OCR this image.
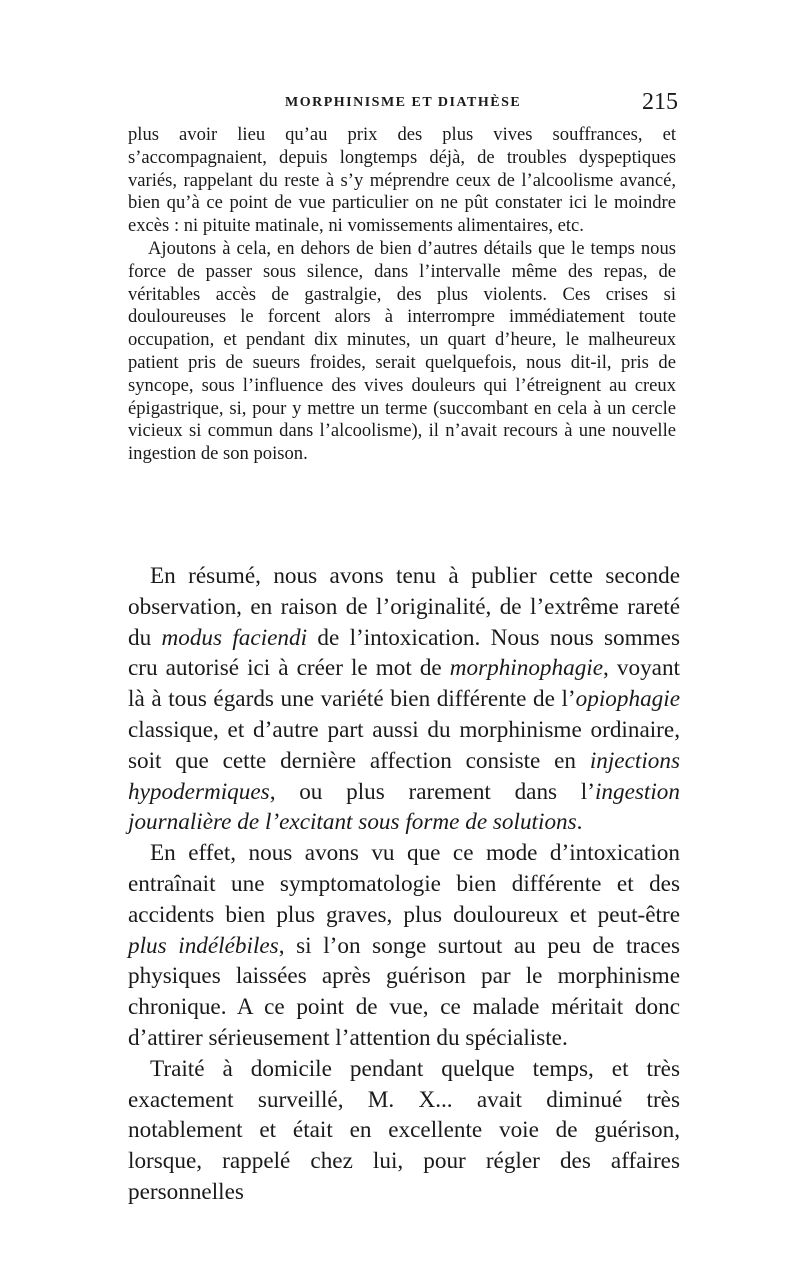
MORPHINISME ET DIATHÈSE	215

plus avoir lieu qu’au prix des plus vives souffrances, et s’accompagnaient, depuis longtemps déjà, de troubles dyspeptiques variés, rappelant du reste à s’y méprendre ceux de l’alcoolisme avancé, bien qu’à ce point de vue particulier on ne pût constater ici le moindre excès : ni pituite matinale, ni vomissements alimentaires, etc.

Ajoutons à cela, en dehors de bien d’autres détails que le temps nous force de passer sous silence, dans l’intervalle même des repas, de véritables accès de gastralgie, des plus violents. Ces crises si douloureuses le forcent alors à interrompre immédiatement toute occupation, et pendant dix minutes, un quart d’heure, le malheureux patient pris de sueurs froides, serait quelquefois, nous dit-il, pris de syncope, sous l’influence des vives douleurs qui l’étreignent au creux épigastrique, si, pour y mettre un terme (succombant en cela à un cercle vicieux si commun dans l’alcoolisme), il n’avait recours à une nouvelle ingestion de son poison.

En résumé, nous avons tenu à publier cette seconde observation, en raison de l’originalité, de l’extrême rareté du modus faciendi de l’intoxication. Nous nous sommes cru autorisé ici à créer le mot de morphinophagie, voyant là à tous égards une variété bien différente de l’opiophagie classique, et d’autre part aussi du morphinisme ordinaire, soit que cette dernière affection consiste en injections hypodermiques, ou plus rarement dans l’ingestion journalière de l’excitant sous forme de solutions.

En effet, nous avons vu que ce mode d’intoxication entraînait une symptomatologie bien différente et des accidents bien plus graves, plus douloureux et peut-être plus indélébiles, si l’on songe surtout au peu de traces physiques laissées après guérison par le morphinisme chronique. A ce point de vue, ce malade méritait donc d’attirer sérieusement l’attention du spécialiste.

Traité à domicile pendant quelque temps, et très exactement surveillé, M. X... avait diminué très notablement et était en excellente voie de guérison, lorsque, rappelé chez lui, pour régler des affaires personnelles
